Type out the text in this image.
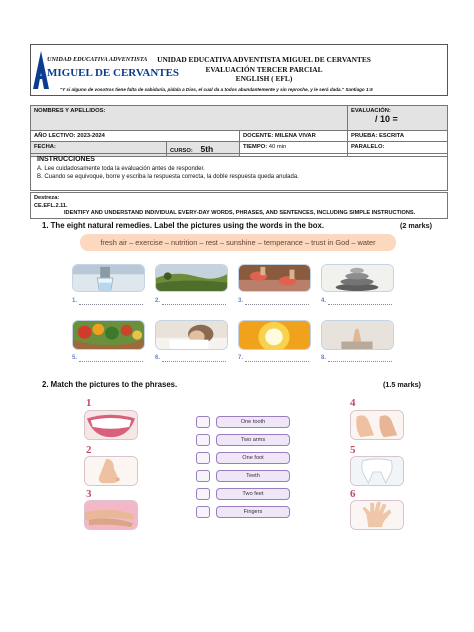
UNIDAD EDUCATIVA ADVENTISTA
MIGUEL DE CERVANTES
UNIDAD EDUCATIVA ADVENTISTA MIGUEL DE CERVANTES
EVALUACIÓN TERCER PARCIAL
ENGLISH ( EFL)
"Y si alguno de vosotros tiene falta de sabiduría, pídala a Dios, el cual da a todos abundantemente y sin reproche, y le será dada." Santiago 1:5
NOMBRES Y APELLIDOS:			EVALUACIÓN:
/ 10 =

AÑO LECTIVO: 2023-2024		DOCENTE: MILENA VIVAR	PRUEBA: ESCRITA
FECHA:	CURSO: 5th	TIEMPO: 40 min	PARALELO:
INSTRUCCIONES
A. Lee cuidadosamente toda la evaluación antes de responder.
B. Cuando se equivoque, borre y escriba la respuesta correcta, la doble respuesta queda anulada.
Destreza:
CE.EFL.2.11.
IDENTIFY AND UNDERSTAND INDIVIDUAL EVERY-DAY WORDS, PHRASES, AND SENTENCES, INCLUDING SIMPLE INSTRUCTIONS.
1. The eight natural remedies. Label the pictures using the words in the box.	(2 marks)
fresh air – exercise – nutrition – rest – sunshine – temperance – trust in God – water
1.	2.	3.	4.
5.	6.	7.	8.
2. Match the pictures to the phrases.	(1.5 marks)
1
2
3
One tooth
Two arms
One foot
Teeth
Two feet
Fingers
4
5
6
